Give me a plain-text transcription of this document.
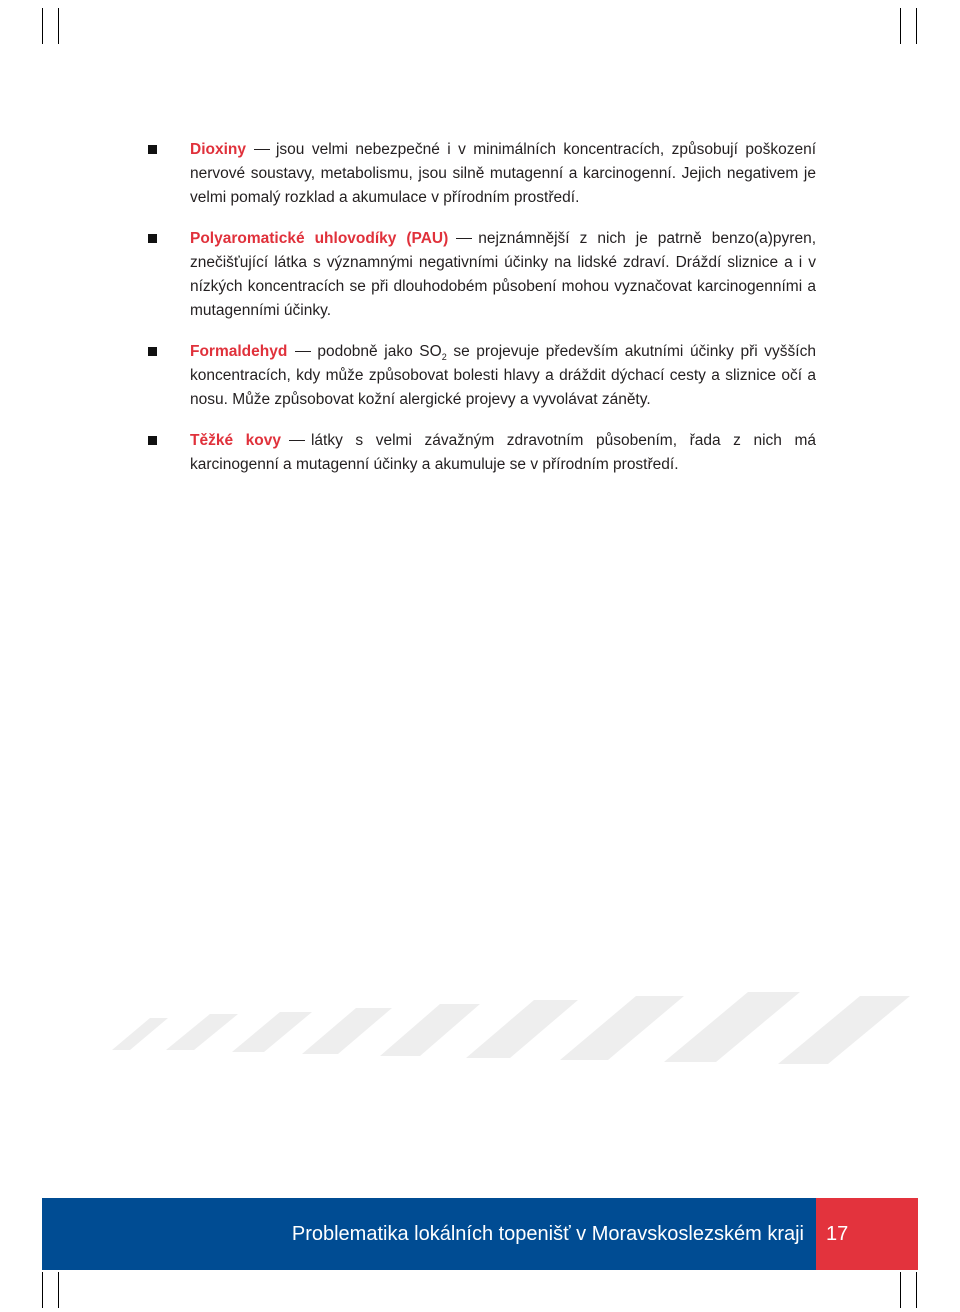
Dioxiny jsou velmi nebezpečné i v minimálních koncentracích, způsobují poškození nervové soustavy, metabolismu, jsou silně mutagenní a karcinogenní. Jejich negativem je velmi pomalý rozklad a akumulace v přírodním prostředí.
Polyaromatické uhlovodíky (PAU) nejznámnější z nich je patrně benzo(a)pyren, znečišťující látka s významnými negativními účinky na lidské zdraví. Dráždí sliznice a i v nízkých koncentracích se při dlouhodobém působení mohou vyznačovat karcinogenními a mutagenními účinky.
Formaldehyd podobně jako $SO_2$ se projevuje především akutními účinky při vyšších koncentracích, kdy může způsobovat bolesti hlavy a dráždit dýchací cesty a sliznice očí a nosu. Může způsobovat kožní alergické projevy a vyvolávat záněty.
Těžké kovy látky s velmi závažným zdravotním působením, řada z nich má karcinogenní a mutagenní účinky a akumuluje se v přírodním prostředí.
Problematika lokálních topenišť v Moravskoslezském kraji 17
